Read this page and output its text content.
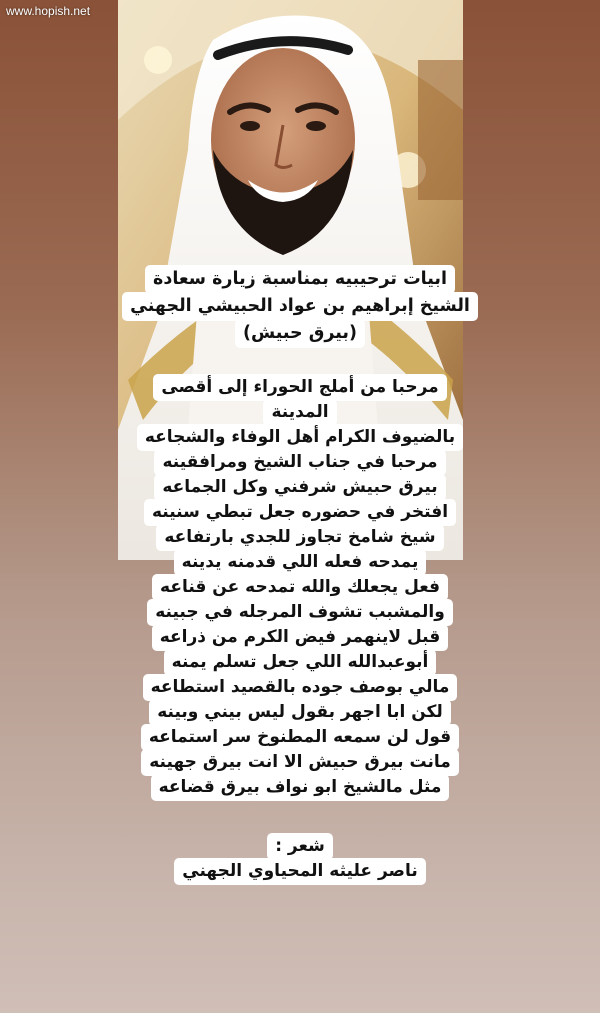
www.hopish.net
ابيات ترحيبيه بمناسبة زيارة سعادة
الشيخ إبراهيم بن عواد الحبيشي الجهني
(بيرق حبيش)
مرحبا من أملج الحوراء إلى أقصى
المدينة
بالضيوف الكرام أهل الوفاء والشجاعه
مرحبا في جناب الشيخ ومرافقينه
بيرق حبيش شرفني وكل الجماعه
افتخر في حضوره جعل تبطي سنينه
شيخ شامخ تجاوز للجدي بارتفاعه
يمدحه فعله اللي قدمنه يدينه
فعل يجعلك والله تمدحه عن قناعه
والمشبب تشوف المرجله في جبينه
قبل لاينهمر فيض الكرم من ذراعه
أبوعبدالله اللي جعل تسلم يمنه
مالي بوصف جوده بالقصيد استطاعه
لكن ابا اجهر بقول ليس بيني وبينه
قول لن سمعه المطنوخ سر استماعه
مانت بيرق حبيش الا انت بيرق جهينه
مثل مالشيخ ابو نواف بيرق قضاعه
شعر :
ناصر عليثه المحياوي الجهني
